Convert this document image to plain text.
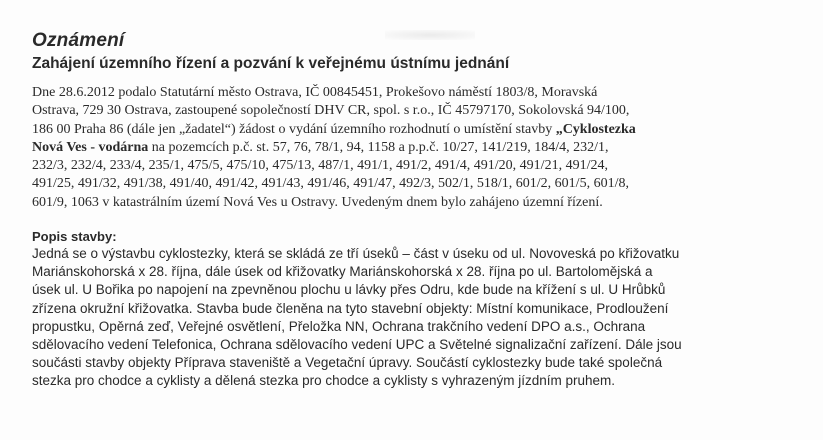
Oznámení
Zahájení územního řízení a pozvání k veřejnému ústnímu jednání
Dne 28.6.2012 podalo Statutární město Ostrava, IČ 00845451, Prokešovo náměstí 1803/8, Moravská
Ostrava, 729 30 Ostrava, zastoupené sopolečností DHV CR, spol. s r.o., IČ 45797170, Sokolovská 94/100,
186 00 Praha 86 (dále jen „žadatel“) žádost o vydání územního rozhodnutí o umístění stavby „Cyklostezka
Nová Ves - vodárna na pozemcích p.č. st. 57, 76, 78/1, 94, 1158 a p.p.č. 10/27, 141/219, 184/4, 232/1,
232/3, 232/4, 233/4, 235/1, 475/5, 475/10, 475/13, 487/1, 491/1, 491/2, 491/4, 491/20, 491/21, 491/24,
491/25, 491/32, 491/38, 491/40, 491/42, 491/43, 491/46, 491/47, 492/3, 502/1, 518/1, 601/2, 601/5, 601/8,
601/9, 1063 v katastrálním území Nová Ves u Ostravy. Uvedeným dnem bylo zahájeno územní řízení.
Popis stavby:
Jedná se o výstavbu cyklostezky, která se skládá ze tří úseků – část v úseku od ul. Novoveská po křižovatku
Mariánskohorská x 28. října, dále úsek od křižovatky Mariánskohorská x 28. října po ul. Bartolomějská a
úsek ul. U Bořika po napojení na zpevněnou plochu u lávky přes Odru, kde bude na křížení s ul. U Hrůbků
zřízena okružní křižovatka. Stavba bude členěna na tyto stavební objekty: Místní komunikace, Prodloužení
propustku, Opěrná zeď, Veřejné osvětlení, Přeložka NN, Ochrana trakčního vedení DPO a.s., Ochrana
sdělovacího vedení Telefonica, Ochrana sdělovacího vedení UPC a Světelné signalizační zařízení. Dále jsou
součásti stavby objekty Příprava staveniště a Vegetační úpravy. Součástí cyklostezky bude také společná
stezka pro chodce a cyklisty a dělená stezka pro chodce a cyklisty s vyhrazeným jízdním pruhem.
